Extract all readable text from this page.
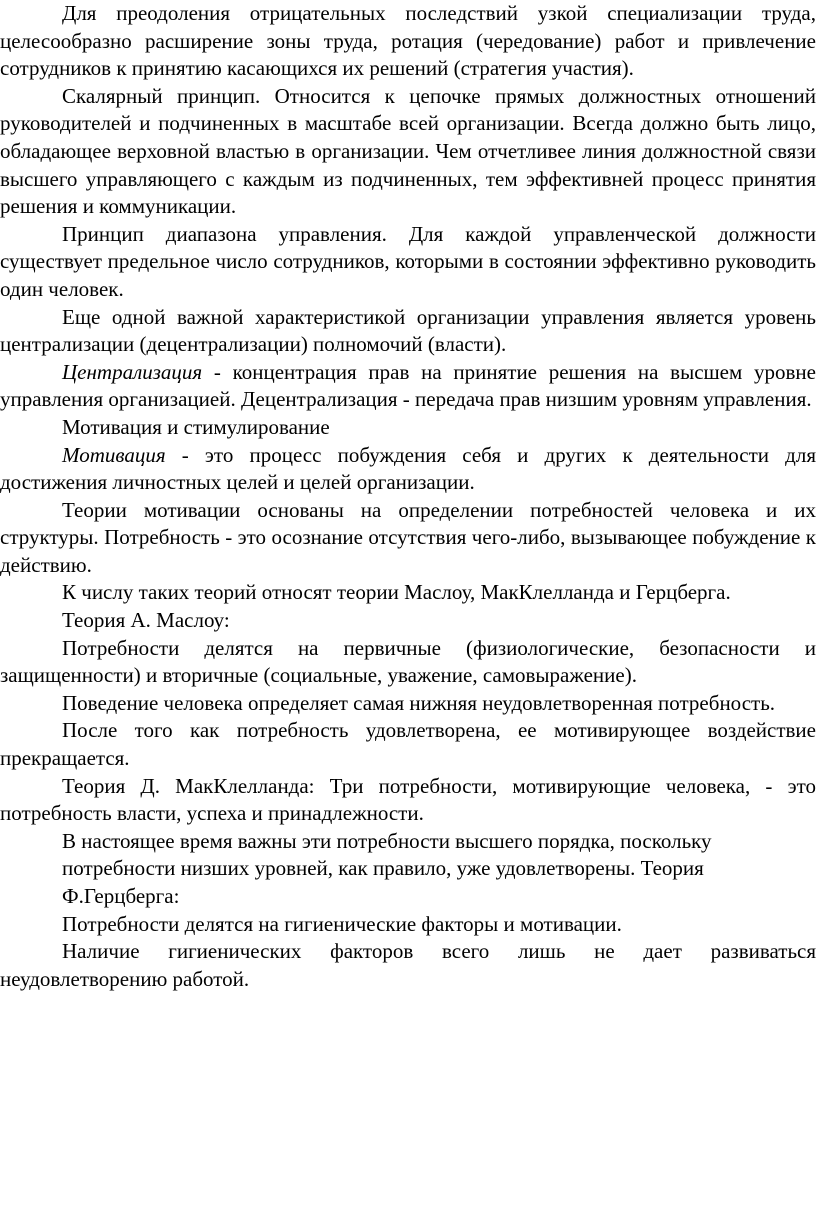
Для преодоления отрицательных последствий узкой специализации труда, целесообразно расширение зоны труда, ротация (чередование) работ и привлечение сотрудников к принятию касающихся их решений (стратегия участия).

Скалярный принцип. Относится к цепочке прямых должностных отношений руководителей и подчиненных в масштабе всей организации. Всегда должно быть лицо, обладающее верховной властью в организации. Чем отчетливее линия должностной связи высшего управляющего с каждым из подчиненных, тем эффективней процесс принятия решения и коммуникации.

Принцип диапазона управления. Для каждой управленческой должности существует предельное число сотрудников, которыми в состоянии эффективно руководить один человек.

Еще одной важной характеристикой организации управления является уровень централизации (децентрализации) полномочий (власти).

Централизация - концентрация прав на принятие решения на высшем уровне управления организацией. Децентрализация - передача прав низшим уровням управления.

Мотивация и стимулирование

Мотивация - это процесс побуждения себя и других к деятельности для достижения личностных целей и целей организации.

Теории мотивации основаны на определении потребностей человека и их структуры. Потребность - это осознание отсутствия чего-либо, вызывающее побуждение к действию.

К числу таких теорий относят теории Маслоу, МакКлелланда и Герцберга.

Теория А. Маслоу:

Потребности делятся на первичные (физиологические, безопасности и защищенности) и вторичные (социальные, уважение, самовыражение).

Поведение человека определяет самая нижняя неудовлетворенная потребность.

После того как потребность удовлетворена, ее мотивирующее воздействие прекращается.

Теория Д. МакКлелланда: Три потребности, мотивирующие человека, - это потребность власти, успеха и принадлежности.

В настоящее время важны эти потребности высшего порядка, поскольку

потребности низших уровней, как правило, уже удовлетворены. Теория

Ф.Герцберга:

Потребности делятся на гигиенические факторы и мотивации.

Наличие гигиенических факторов всего лишь не дает развиваться неудовлетворению работой.
